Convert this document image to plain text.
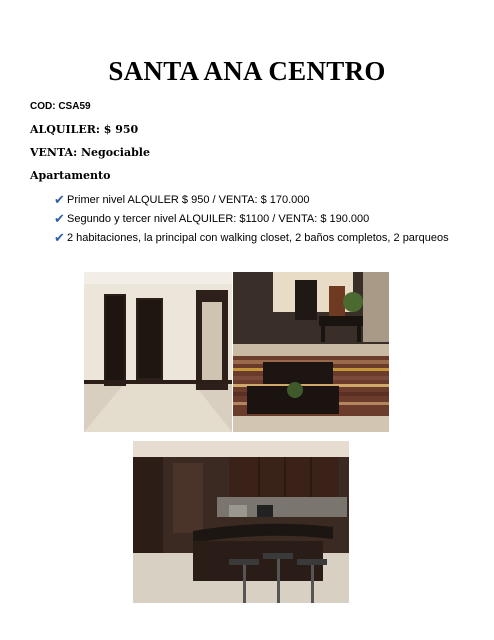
SANTA ANA CENTRO
COD: CSA59
ALQUILER: $ 950
VENTA: Negociable
Apartamento
✔ Primer nivel ALQULER $ 950 / VENTA: $ 170.000
✔ Segundo y tercer nivel ALQUILER: $1100 / VENTA: $ 190.000
✔ 2 habitaciones, la principal con walking closet, 2 baños completos, 2 parqueos
